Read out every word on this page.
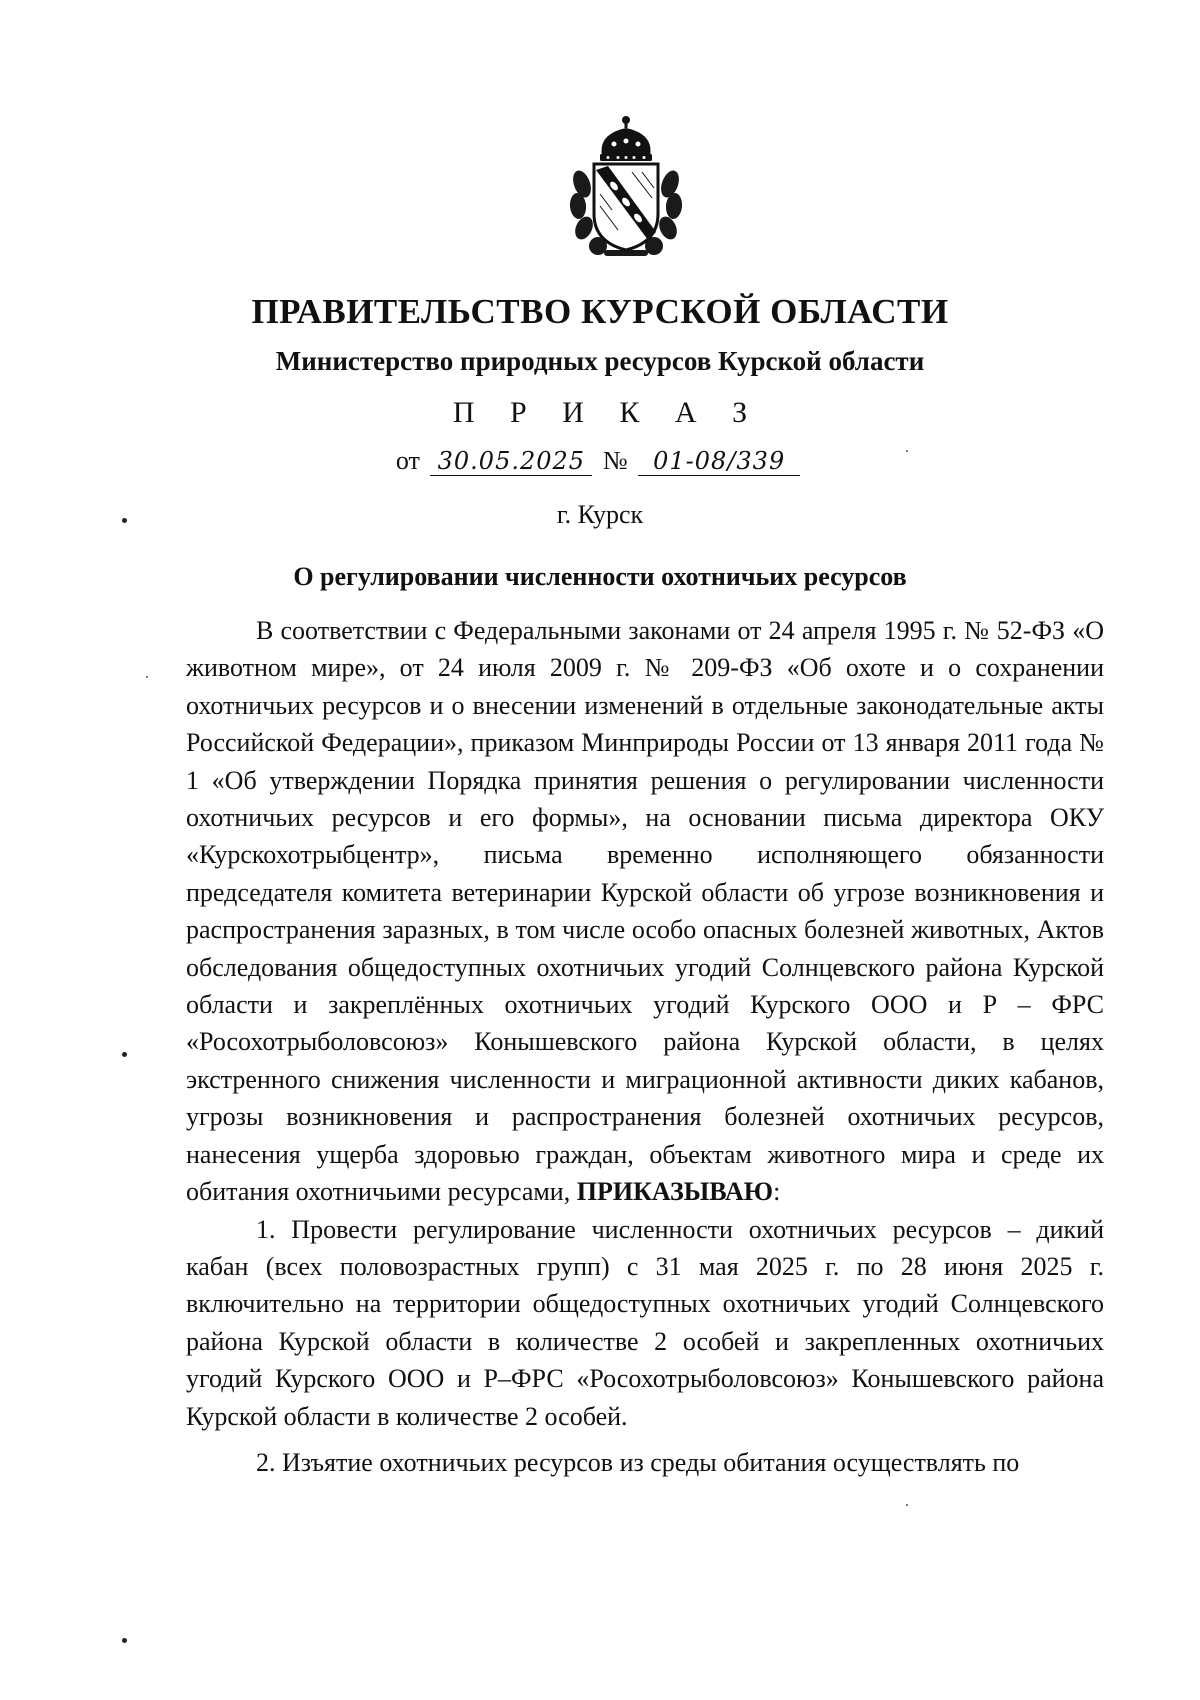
ПРАВИТЕЛЬСТВО КУРСКОЙ ОБЛАСТИ
Министерство природных ресурсов Курской области
П Р И К А З
от 30.05.2025 № 01-08/339
г. Курск
О регулировании численности охотничьих ресурсов

В соответствии с Федеральными законами от 24 апреля 1995 г. № 52-ФЗ «О животном мире», от 24 июля 2009 г. № 209-ФЗ «Об охоте и о сохранении охотничьих ресурсов и о внесении изменений в отдельные законодательные акты Российской Федерации», приказом Минприроды России от 13 января 2011 года № 1 «Об утверждении Порядка принятия решения о регулировании численности охотничьих ресурсов и его формы», на основании письма директора ОКУ «Курскохотрыбцентр», письма временно исполняющего обязанности председателя комитета ветеринарии Курской области об угрозе возникновения и распространения заразных, в том числе особо опасных болезней животных, Актов обследования общедоступных охотничьих угодий Солнцевского района Курской области и закреплённых охотничьих угодий Курского ООО и Р – ФРС «Росохотрыболовсоюз» Конышевского района Курской области, в целях экстренного снижения численности и миграционной активности диких кабанов, угрозы возникновения и распространения болезней охотничьих ресурсов, нанесения ущерба здоровью граждан, объектам животного мира и среде их обитания охотничьими ресурсами, ПРИКАЗЫВАЮ:

1. Провести регулирование численности охотничьих ресурсов – дикий кабан (всех половозрастных групп) с 31 мая 2025 г. по 28 июня 2025 г. включительно на территории общедоступных охотничьих угодий Солнцевского района Курской области в количестве 2 особей и закрепленных охотничьих угодий Курского ООО и Р–ФРС «Росохотрыболовсоюз» Конышевского района Курской области в количестве 2 особей.

2. Изъятие охотничьих ресурсов из среды обитания осуществлять по
